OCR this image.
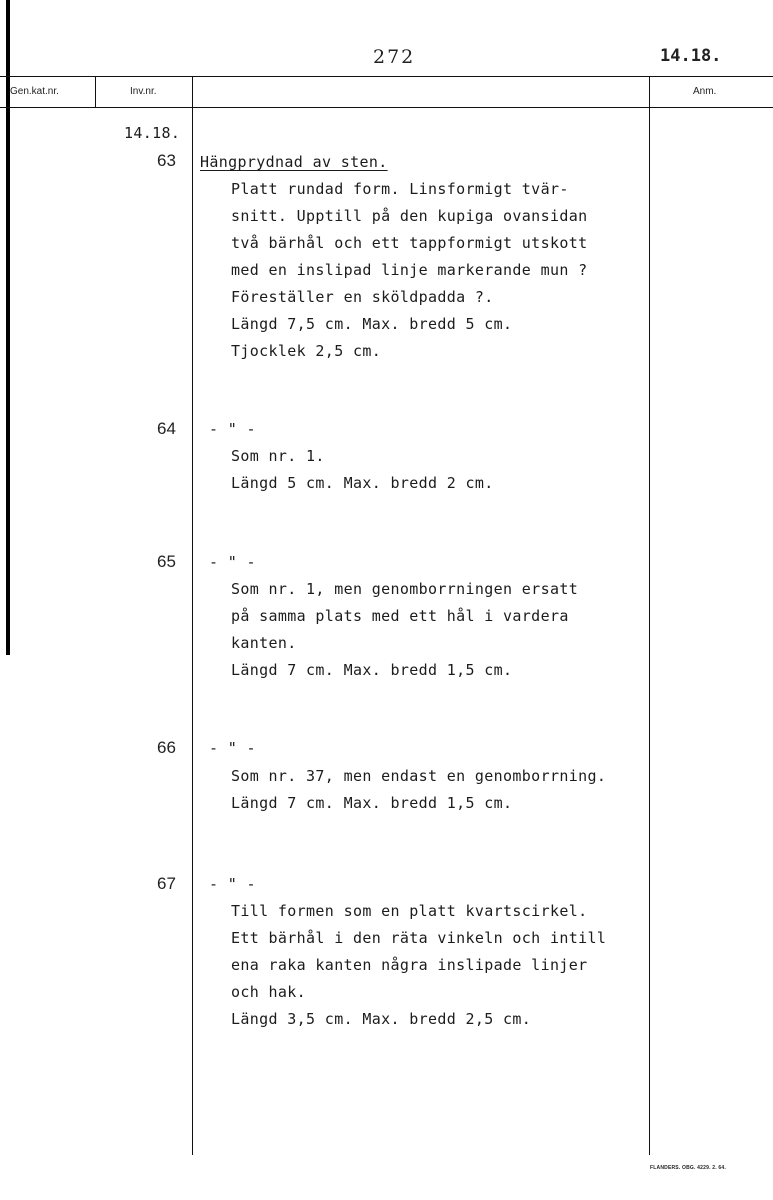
272	14.18.
Gen.kat.nr.	Inv.nr.	Anm.
14.18.
63 Hängprydnad av sten.
Platt rundad form. Linsformigt tvär-
snitt. Upptill på den kupiga ovansidan
två bärhål och ett tappformigt utskott
med en inslipad linje markerande mun ?
Föreställer en sköldpadda ?.
Längd 7,5 cm. Max. bredd 5 cm.
Tjocklek 2,5 cm.
64 - " -
Som nr. 1.
Längd 5 cm. Max. bredd 2 cm.
65 - " -
Som nr. 1, men genomborrningen ersatt
på samma plats med ett hål i vardera
kanten.
Längd 7 cm. Max. bredd 1,5 cm.
66 - " -
Som nr. 37, men endast en genomborrning.
Längd 7 cm. Max. bredd 1,5 cm.
67 - " -
Till formen som en platt kvartscirkel.
Ett bärhål i den räta vinkeln och intill
ena raka kanten några inslipade linjer
och hak.
Längd 3,5 cm. Max. bredd 2,5 cm.
FLANDERS. OBG. 4229. 2. 64.
